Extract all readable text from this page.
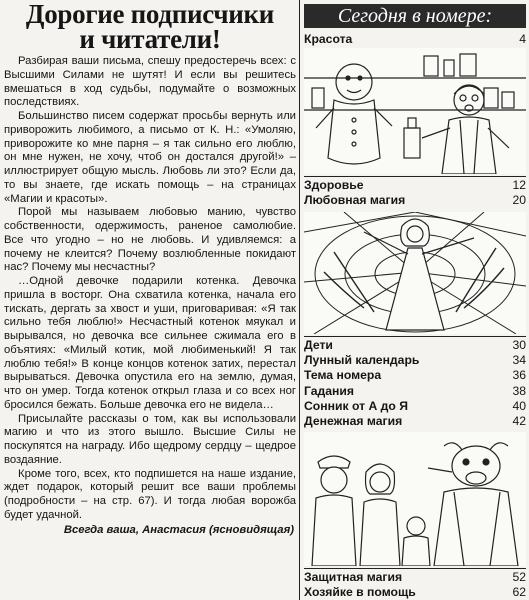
Дорогие подписчики
и читатели!

Разбирая ваши письма, спешу предостеречь всех: с Высшими Силами не шутят! И если вы решитесь вмешаться в ход судьбы, подумайте о возможных последствиях.

Большинство писем содержат просьбы вернуть или приворожить любимого, а письмо от К. Н.: «Умоляю, приворожите ко мне парня – я так сильно его люблю, он мне нужен, не хочу, чтоб он достался другой!» – иллюстрирует общую мысль. Любовь ли это? Если да, то вы знаете, где искать помощь – на страницах «Магии и красоты».

Порой мы называем любовью манию, чувство собственности, одержимость, раненое самолюбие. Все что угодно – но не любовь. И удивляемся: а почему не клеится? Почему возлюбленные покидают нас? Почему мы несчастны?

…Одной девочке подарили котенка. Девочка пришла в восторг. Она схватила котенка, начала его тискать, дергать за хвост и уши, приговаривая: «Я так сильно тебя люблю!» Несчастный котенок мяукал и вырывался, но девочка все сильнее сжимала его в объятиях: «Милый котик, мой любименький! Я так люблю тебя!» В конце концов котенок затих, перестал вырываться. Девочка опустила его на землю, думая, что он умер. Тогда котенок открыл глаза и со всех ног бросился бежать. Больше девочка его не видела…

Присылайте рассказы о том, как вы использовали магию и что из этого вышло. Высшие Силы не поскупятся на награду. Ибо щедрому сердцу – щедрое воздаяние.

Кроме того, всех, кто подпишется на наше издание, ждет подарок, который решит все ваши проблемы (подробности – на стр. 67). И тогда любая ворожба будет удачной.

Всегда ваша, Анастасия (ясновидящая)
Сегодня в номере:
Красота	4
Здоровье	12
Любовная магия	20
Дети	30
Лунный календарь	34
Тема номера	36
Гадания	38
Сонник от А до Я	40
Денежная магия	42
Защитная магия	52
Хозяйке в помощь	62
